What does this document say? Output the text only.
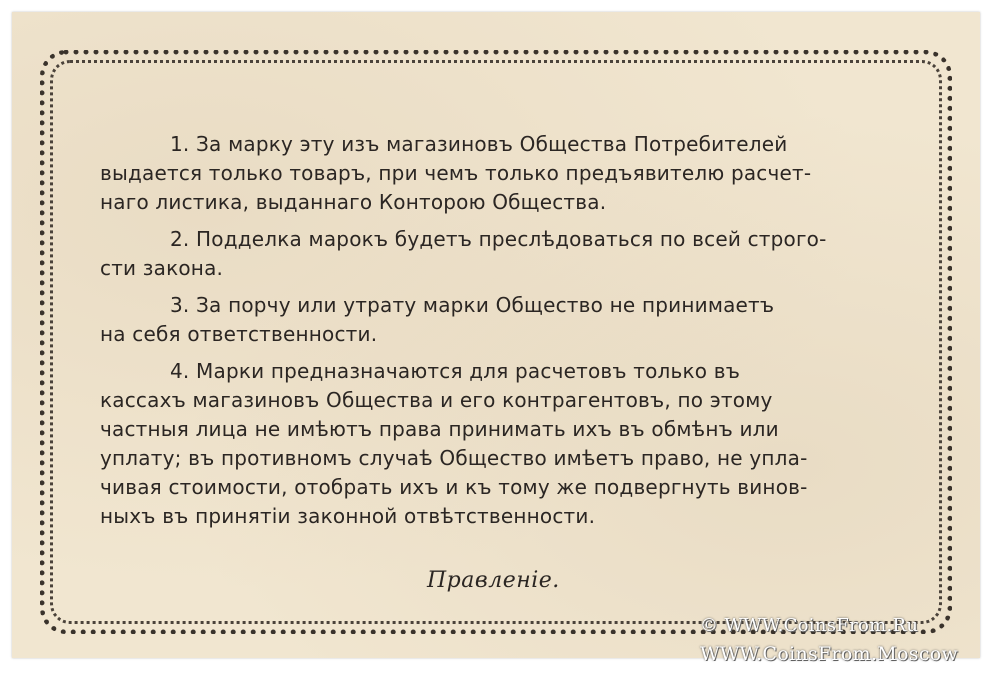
1. За марку эту изъ магазиновъ Общества Потребителей
выдается только товаръ, при чемъ только предъявителю расчет-
наго листика, выданнаго Конторою Общества.
2. Подделка марокъ будетъ преслѣдоваться по всей строго-
сти закона.
3. За порчу или утрату марки Общество не принимаетъ
на себя ответственности.
4. Марки предназначаются для расчетовъ только въ
кассахъ магазиновъ Общества и его контрагентовъ, по этому
частныя лица не имѣютъ права принимать ихъ въ обмѣнъ или
уплату; въ противномъ случаѣ Общество имѣетъ право, не упла-
чивая стоимости, отобрать ихъ и къ тому же подвергнуть винов-
ныхъ въ принятіи законной отвѣтственности.
Правленіе.
© WWW.CoinsFrom.Ru
WWW.CoinsFrom.Moscow
